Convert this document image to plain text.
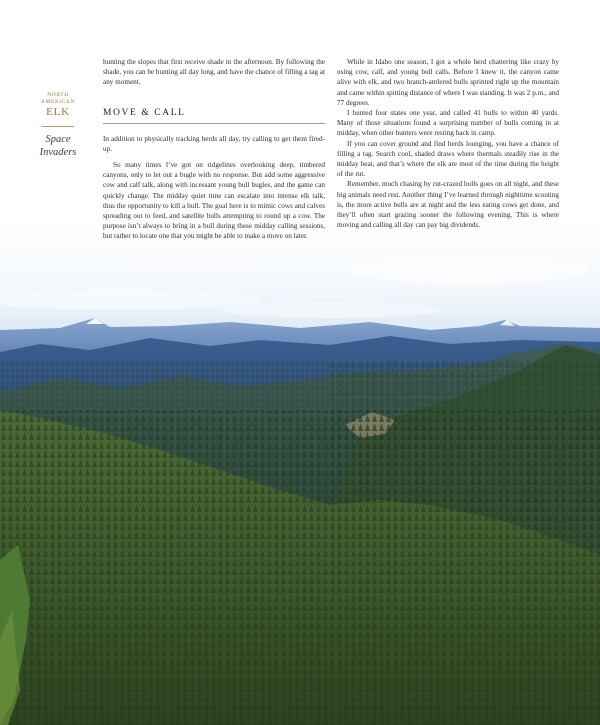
NORTH AMERICAN
ELK
Space
Invaders

hunting the slopes that first receive shade in the afternoon. By following the shade, you can be hunting all day long, and have the chance of filling a tag at any moment.

MOVE & CALL

In addition to physically tracking herds all day, try calling to get them fired-up.

So many times I’ve got on ridgelines overlooking deep, timbered canyons, only to let out a bugle with no response. But add some aggressive cow and calf talk, along with incessant young bull bugles, and the game can quickly change. The midday quiet time can escalate into intense elk talk, thus the opportunity to kill a bull. The goal here is to mimic cows and calves spreading out to feed, and satellite bulls attempting to round up a cow. The purpose isn’t always to bring in a bull during these midday calling sessions, but rather to locate one that you might be able to make a move on later.

While in Idaho one season, I got a whole herd chattering like crazy by using cow, calf, and young bull calls. Before I knew it, the canyon came alive with elk, and two branch-antlered bulls sprinted right up the mountain and came within spitting distance of where I was standing. It was 2 p.m., and 77 degrees.

I hunted four states one year, and called 41 bulls to within 40 yards. Many of those situations found a surprising number of bulls coming in at midday, when other hunters were resting back in camp.

If you can cover ground and find herds lounging, you have a chance of filling a tag. Search cool, shaded draws where thermals steadily rise in the midday heat, and that’s where the elk are most of the time during the height of the rut.

Remember, much chasing by rut-crazed bulls goes on all night, and these big animals need rest. Another thing I’ve learned through nighttime scouting is, the more active bulls are at night and the less eating cows get done, and they’ll often start grazing sooner the following evening. This is where moving and calling all day can pay big dividends.
